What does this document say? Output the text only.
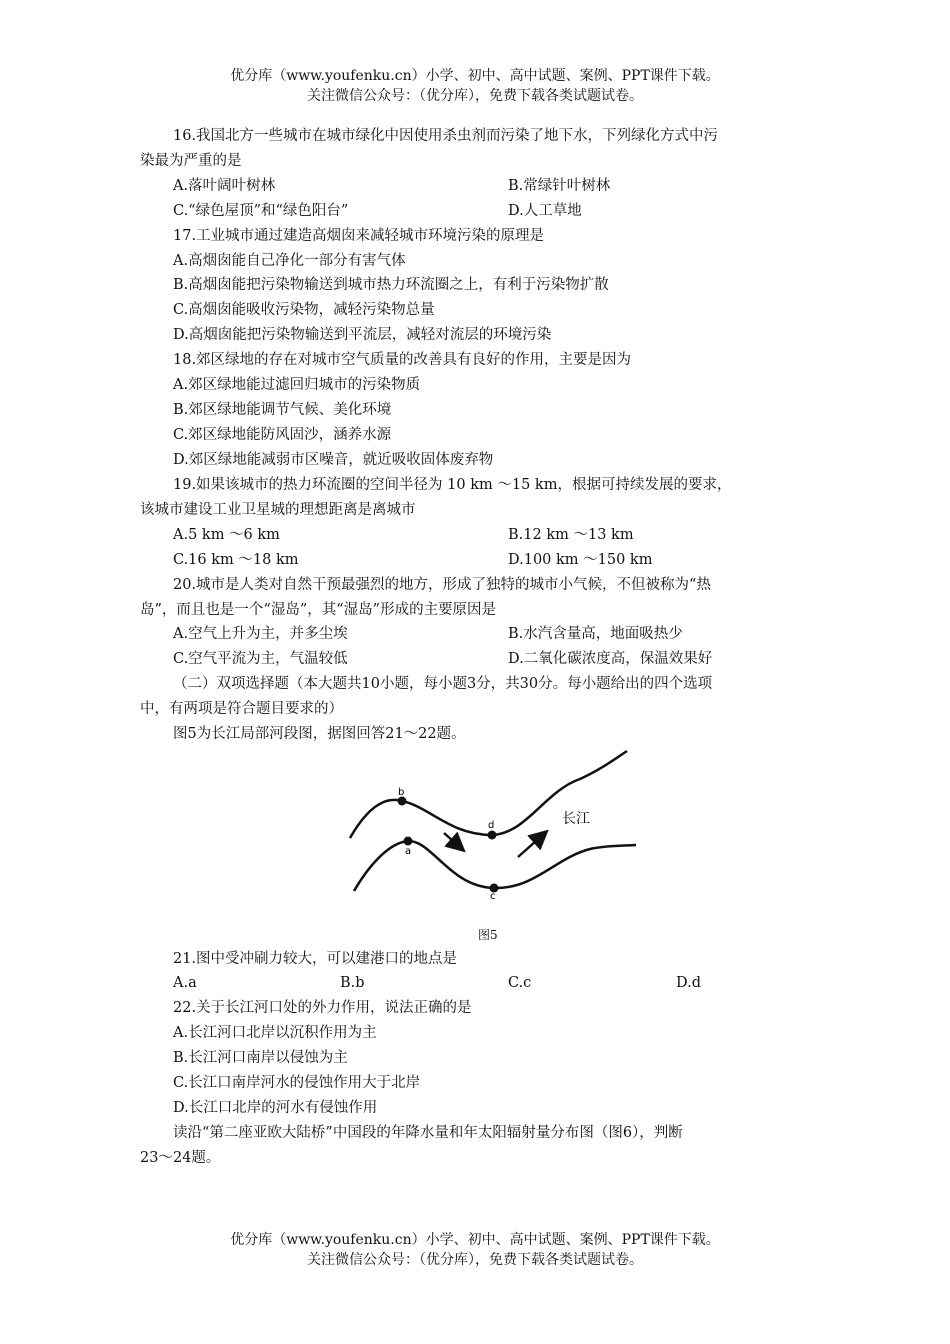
优分库（www.youfenku.cn）小学、初中、高中试题、案例、PPT课件下载。
关注微信公众号：（优分库），免费下载各类试题试卷。
16.我国北方一些城市在城市绿化中因使用杀虫剂而污染了地下水，下列绿化方式中污
染最为严重的是
A.落叶阔叶树林	B.常绿针叶树林
C.“绿色屋顶”和“绿色阳台”	D.人工草地
17.工业城市通过建造高烟囱来减轻城市环境污染的原理是
A.高烟囱能自己净化一部分有害气体
B.高烟囱能把污染物输送到城市热力环流圈之上，有利于污染物扩散
C.高烟囱能吸收污染物，减轻污染物总量
D.高烟囱能把污染物输送到平流层，减轻对流层的环境污染
18.郊区绿地的存在对城市空气质量的改善具有良好的作用，主要是因为
A.郊区绿地能过滤回归城市的污染物质
B.郊区绿地能调节气候、美化环境
C.郊区绿地能防风固沙，涵养水源
D.郊区绿地能减弱市区噪音，就近吸收固体废弃物
19.如果该城市的热力环流圈的空间半径为 10 km ～15 km，根据可持续发展的要求，
该城市建设工业卫星城的理想距离是离城市
A.5 km ～6 km	B.12 km ～13 km
C.16 km ～18 km	D.100 km ～150 km
20.城市是人类对自然干预最强烈的地方，形成了独特的城市小气候，不但被称为“热
岛”，而且也是一个“湿岛”，其“湿岛”形成的主要原因是
A.空气上升为主，并多尘埃	B.水汽含量高，地面吸热少
C.空气平流为主，气温较低	D.二氧化碳浓度高，保温效果好
（二）双项选择题（本大题共10小题，每小题3分，共30分。每小题给出的四个选项
中，有两项是符合题目要求的）
图5为长江局部河段图，据图回答21～22题。
b
a
d
c
长江
图5
21.图中受冲刷力较大，可以建港口的地点是
A.a	B.b	C.c	D.d
22.关于长江河口处的外力作用，说法正确的是
A.长江河口北岸以沉积作用为主
B.长江河口南岸以侵蚀为主
C.长江口南岸河水的侵蚀作用大于北岸
D.长江口北岸的河水有侵蚀作用
读沿“第二座亚欧大陆桥”中国段的年降水量和年太阳辐射量分布图（图6），判断
23～24题。
优分库（www.youfenku.cn）小学、初中、高中试题、案例、PPT课件下载。
关注微信公众号：（优分库），免费下载各类试题试卷。
